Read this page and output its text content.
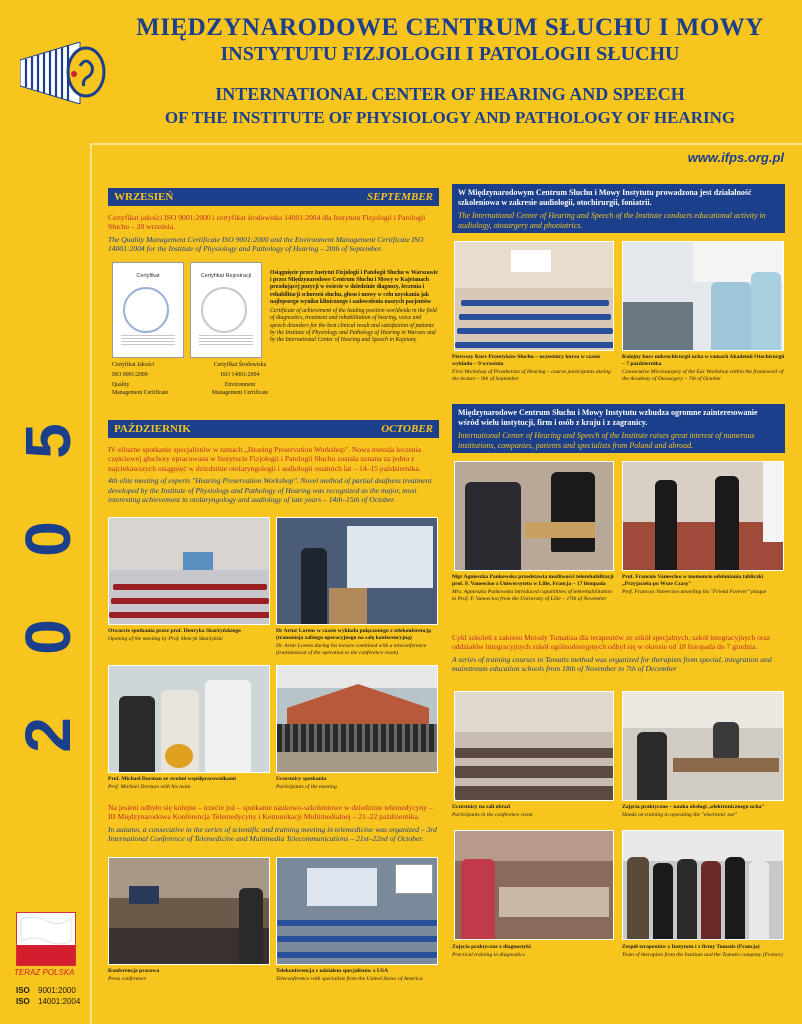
MIĘDZYNARODOWE CENTRUM SŁUCHU I MOWY
INSTYTUTU FIZJOLOGII I PATOLOGII SŁUCHU
INTERNATIONAL CENTER OF HEARING AND SPEECH
OF THE INSTITUTE OF PHYSIOLOGY AND PATHOLOGY OF HEARING
www.ifps.org.pl
5
0
0
2
TERAZ POLSKA
ISO 9001:2000
ISO 14001:2004
WRZESIEŃ	SEPTEMBER
Certyfikat jakości ISO 9001:2000 i certyfikat środowiska 14001:2004 dla Instytutu Fizjologii i Patologii Słuchu – 20 września.
The Quality Management Certificate ISO 9001:2000 and the Environment Management Certificate ISO 14001:2004 for the Institute of Physiology and Pathology of Hearing – 20th of September.
Certyfikat	Certyfikat Rejestracji
Certyfikat Jakości
ISO 9001:2000
Quality
Management Certificate
Certyfikat Środowiska
ISO 14001:2004
Environment
Management Certificate
Osiągnięcie przez Instytut Fizjologii i Patologii Słuchu w Warszawie i przez Międzynarodowe Centrum Słuchu i Mowy w Kajetanach przodującej pozycji w świecie w dziedzinie diagnozy, leczenia i rehabilitacji schorzeń słuchu, głosu i mowy w celu uzyskania jak najlepszego wyniku klinicznego i zadowolenia naszych pacjentów
Certificate of achievement of the leading position worldwide in the field of diagnostics, treatment and rehabilitation of hearing, voice and speech disorders for the best clinical result and satisfaction of patients by the Institute of Physiology and Pathology of Hearing in Warsaw and by the International Center of Hearing and Speech in Kajetany
W Międzynarodowym Centrum Słuchu i Mowy Instytutu prowadzona jest działalność szkoleniowa w zakresie audiologii, otochirurgii, foniatrii.
The International Center of Hearing and Speech of the Institute conducts educational activity in audiology, otosurgery and phoniatrics.
Pierwszy Kurs Protetyków Słuchu – uczestnicy kursu w czasie wykładu – 9 września
First Workshop of Prosthetists of Hearing – course participants during the lecture – 9th of September
Kolejny kurs mikrochirurgii ucha w ramach Akademii Otochirurgii – 7 października
Consecutive Microsurgery of the Ear Workshop within the framework of the Academy of Otosurgery – 7th of October
PAŹDZIERNIK	OCTOBER
IV elitarne spotkanie specjalistów w ramach „Hearing Preservation Workshop". Nowa metoda leczenia częściowej głuchoty opracowana w Instytucie Fizjologii i Patologii Słuchu została uznana za jedno z najciekawszych osiągnięć w dziedzinie otolaryngologii i audiologii ostatnich lat – 14–15 października.
4th elite meeting of experts "Hearing Preservation Workshop". Novel method of partial deafness treatment developed by the Institute of Physiology and Pathology of Hearing was recognized as the major, most interesting achievement in otolaryngology and audiology of late years – 14th–15th of October.
Otwarcie spotkania przez prof. Henryka Skarżyńskiego
Opening of the meeting by Prof. Henryk Skarżyński
Dr Artur Lorens w czasie wykładu połączonego z telekonferencją (transmisja zabiegu operacyjnego na salę konferencyjną)
Dr. Artur Lorens during his lecture combined with a teleconference (transmission of the operation to the conference room)
Prof. Michael Dorman ze swoimi współpracownikami
Prof. Michael Dorman with his team
Uczestnicy spotkania
Participants of the meeting
Na jesieni odbyło się kolejne – trzecie już – spotkanie naukowo-szkoleniowe w dziedzinie telemedycyny – III Międzynarodowa Konferencja Telemedycyny i Komunikacji Multimedialnej – 21–22 października.
In autumn, a consecutive in the series of scientific and training meeting in telemedicine was organized – 3rd International Conference of Telemedicine and Multimedia Telecommunications – 21st–22nd of October.
Konferencja prasowa
Press conference
Telekonferencja z udziałem specjalistów z USA
Teleconference with specialists from the United States of America
Międzynarodowe Centrum Słuchu i Mowy Instytutu wzbudza ogromne zainteresowanie wśród wielu instytucji, firm i osób z kraju i z zagranicy.
International Center of Hearing and Speech of the Institute raises great interest of numerous institutions, companies, patients and specialists from Poland and abroad.
Mgr Agnieszka Pankowska przedstawia możliwości telerehabilitacji prof. F. Vaneecloo z Uniwersytetu w Lille, Francja – 17 listopada
Mrs. Agnieszka Pankowska introduced capabilities of telerehabilitation to Prof. F. Vaneecloo from the University of Lille – 17th of November
Prof. Francois Vaneecloo w momencie odsłaniania tabliczki „Przyjaciela po Wsze Czasy"
Prof. Francois Vaneecloo unveiling his "Friend Forever" plaque
Cykl szkoleń z zakresu Metody Tomatisa dla terapeutów ze szkół specjalnych, szkół integracyjnych oraz oddziałów integracyjnych szkół ogólnodostępnych odbył się w okresie od 18 listopada do 7 grudnia.
A series of training courses in Tomatis method was organized for therapists from special, integration and mainstream education schools from 18th of November to 7th of December
Uczestnicy na sali obrad
Participants in the conference room
Zajęcia praktyczne – nauka obsługi „elektronicznego ucha"
Hands on training in operating the "electronic ear"
Zajęcia praktyczne z diagnostyki
Practical training in diagnostics
Zespół terapeutów z Instytutu i z firmy Tomatis (Francja)
Team of therapists from the Institute and the Tomatis company (France)
